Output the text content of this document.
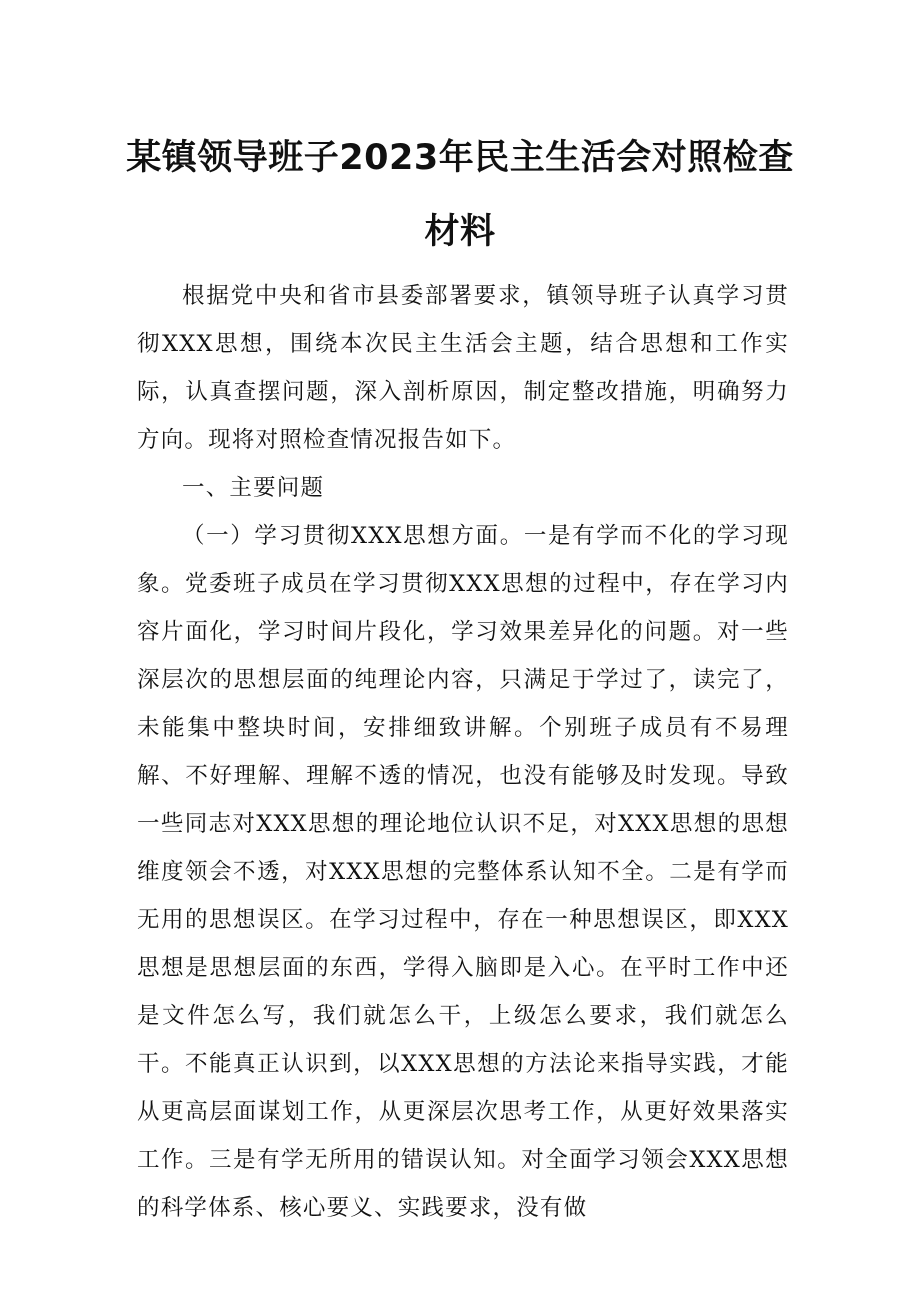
某镇领导班子2023年民主生活会对照检查
材料

根据党中央和省市县委部署要求，镇领导班子认真学习贯彻XXX思想，围绕本次民主生活会主题，结合思想和工作实际，认真查摆问题，深入剖析原因，制定整改措施，明确努力方向。现将对照检查情况报告如下。

一、主要问题

（一）学习贯彻XXX思想方面。一是有学而不化的学习现象。党委班子成员在学习贯彻XXX思想的过程中，存在学习内容片面化，学习时间片段化，学习效果差异化的问题。对一些深层次的思想层面的纯理论内容，只满足于学过了，读完了，未能集中整块时间，安排细致讲解。个别班子成员有不易理解、不好理解、理解不透的情况，也没有能够及时发现。导致一些同志对XXX思想的理论地位认识不足，对XXX思想的思想维度领会不透，对XXX思想的完整体系认知不全。二是有学而无用的思想误区。在学习过程中，存在一种思想误区，即XXX思想是思想层面的东西，学得入脑即是入心。在平时工作中还是文件怎么写，我们就怎么干，上级怎么要求，我们就怎么干。不能真正认识到，以XXX思想的方法论来指导实践，才能从更高层面谋划工作，从更深层次思考工作，从更好效果落实工作。三是有学无所用的错误认知。对全面学习领会XXX思想的科学体系、核心要义、实践要求，没有做
